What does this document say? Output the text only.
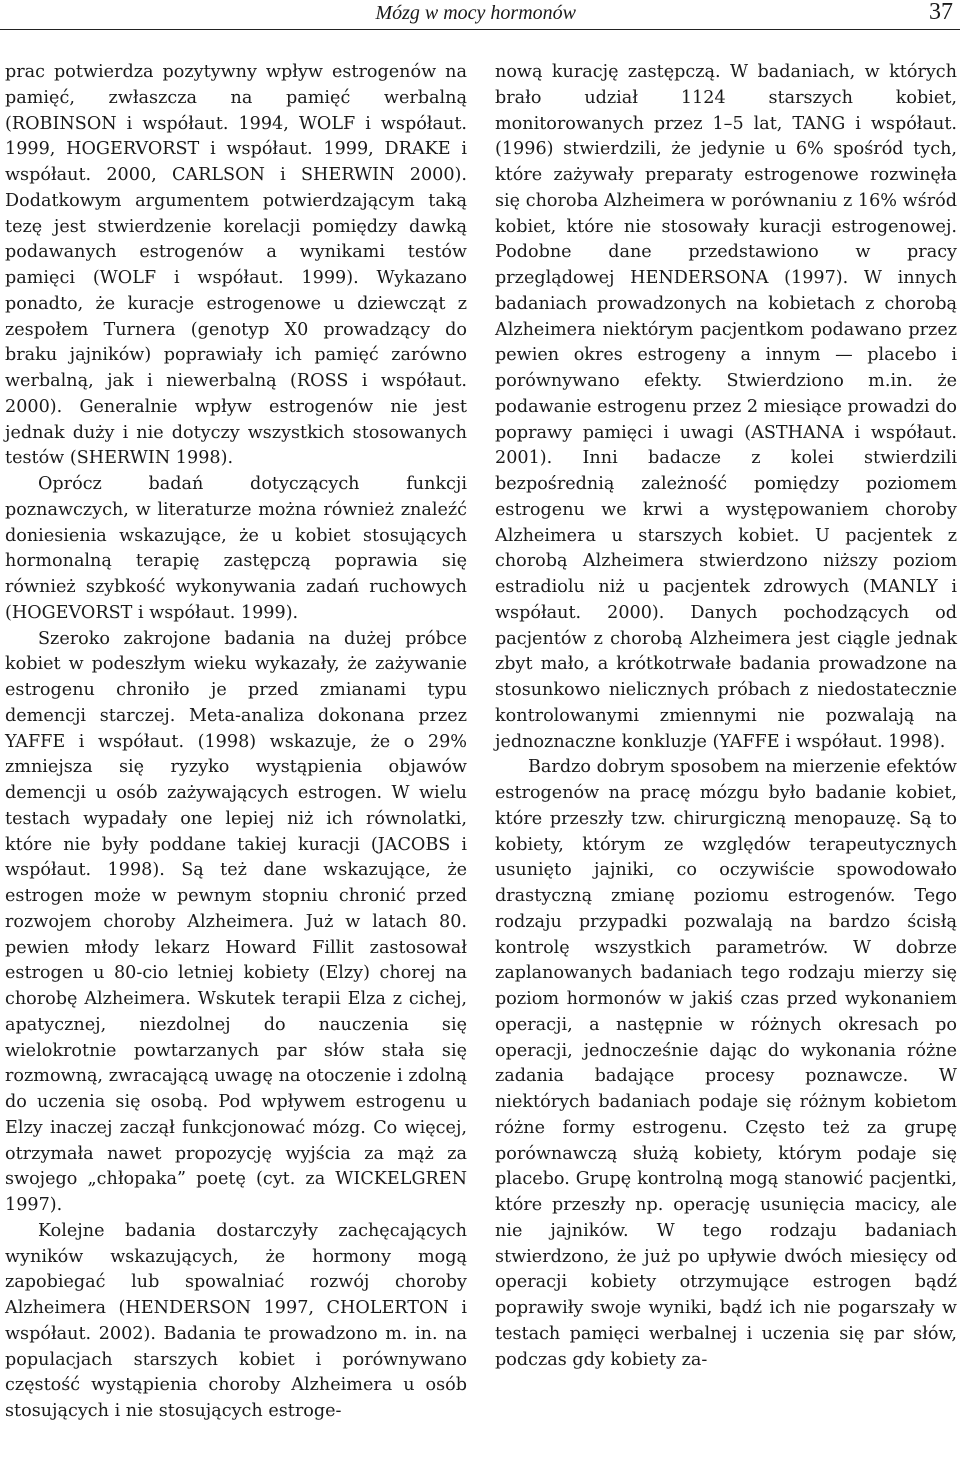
Mózg w mocy hormonów	37

prac potwierdza pozytywny wpływ estrogenów na pamięć, zwłaszcza na pamięć werbalną (ROBINSON i współaut. 1994, WOLF i współaut. 1999, HOGERVORST i współaut. 1999, DRAKE i współaut. 2000, CARLSON i SHERWIN 2000). Dodatkowym argumentem potwierdzającym taką tezę jest stwierdzenie korelacji pomiędzy dawką podawanych estrogenów a wynikami testów pamięci (WOLF i współaut. 1999). Wykazano ponadto, że kuracje estrogenowe u dziewcząt z zespołem Turnera (genotyp X0 prowadzący do braku jajników) poprawiały ich pamięć zarówno werbalną, jak i niewerbalną (ROSS i współaut. 2000). Generalnie wpływ estrogenów nie jest jednak duży i nie dotyczy wszystkich stosowanych testów (SHERWIN 1998).

Oprócz badań dotyczących funkcji poznawczych, w literaturze można również znaleźć doniesienia wskazujące, że u kobiet stosujących hormonalną terapię zastępczą poprawia się również szybkość wykonywania zadań ruchowych (HOGEVORST i współaut. 1999).

Szeroko zakrojone badania na dużej próbce kobiet w podeszłym wieku wykazały, że zażywanie estrogenu chroniło je przed zmianami typu demencji starczej. Meta-analiza dokonana przez YAFFE i współaut. (1998) wskazuje, że o 29% zmniejsza się ryzyko wystąpienia objawów demencji u osób zażywających estrogen. W wielu testach wypadały one lepiej niż ich równolatki, które nie były poddane takiej kuracji (JACOBS i współaut. 1998). Są też dane wskazujące, że estrogen może w pewnym stopniu chronić przed rozwojem choroby Alzheimera. Już w latach 80. pewien młody lekarz Howard Fillit zastosował estrogen u 80-cio letniej kobiety (Elzy) chorej na chorobę Alzheimera. Wskutek terapii Elza z cichej, apatycznej, niezdolnej do nauczenia się wielokrotnie powtarzanych par słów stała się rozmowną, zwracającą uwagę na otoczenie i zdolną do uczenia się osobą. Pod wpływem estrogenu u Elzy inaczej zaczął funkcjonować mózg. Co więcej, otrzymała nawet propozycję wyjścia za mąż za swojego „chłopaka” poetę (cyt. za WICKELGREN 1997).

Kolejne badania dostarczyły zachęcających wyników wskazujących, że hormony mogą zapobiegać lub spowalniać rozwój choroby Alzheimera (HENDERSON 1997, CHOLERTON i współaut. 2002). Badania te prowadzono m. in. na populacjach starszych kobiet i porównywano częstość wystąpienia choroby Alzheimera u osób stosujących i nie stosujących estroge-

nową kurację zastępczą. W badaniach, w których brało udział 1124 starszych kobiet, monitorowanych przez 1–5 lat, TANG i współaut. (1996) stwierdzili, że jedynie u 6% spośród tych, które zażywały preparaty estrogenowe rozwinęła się choroba Alzheimera w porównaniu z 16% wśród kobiet, które nie stosowały kuracji estrogenowej. Podobne dane przedstawiono w pracy przeglądowej HENDERSONA (1997). W innych badaniach prowadzonych na kobietach z chorobą Alzheimera niektórym pacjentkom podawano przez pewien okres estrogeny a innym — placebo i porównywano efekty. Stwierdziono m.in. że podawanie estrogenu przez 2 miesiące prowadzi do poprawy pamięci i uwagi (ASTHANA i współaut. 2001). Inni badacze z kolei stwierdzili bezpośrednią zależność pomiędzy poziomem estrogenu we krwi a występowaniem choroby Alzheimera u starszych kobiet. U pacjentek z chorobą Alzheimera stwierdzono niższy poziom estradiolu niż u pacjentek zdrowych (MANLY i współaut. 2000). Danych pochodzących od pacjentów z chorobą Alzheimera jest ciągle jednak zbyt mało, a krótkotrwałe badania prowadzone na stosunkowo nielicznych próbach z niedostatecznie kontrolowanymi zmiennymi nie pozwalają na jednoznaczne konkluzje (YAFFE i współaut. 1998).

Bardzo dobrym sposobem na mierzenie efektów estrogenów na pracę mózgu było badanie kobiet, które przeszły tzw. chirurgiczną menopauzę. Są to kobiety, którym ze względów terapeutycznych usunięto jajniki, co oczywiście spowodowało drastyczną zmianę poziomu estrogenów. Tego rodzaju przypadki pozwalają na bardzo ścisłą kontrolę wszystkich parametrów. W dobrze zaplanowanych badaniach tego rodzaju mierzy się poziom hormonów w jakiś czas przed wykonaniem operacji, a następnie w różnych okresach po operacji, jednocześnie dając do wykonania różne zadania badające procesy poznawcze. W niektórych badaniach podaje się różnym kobietom różne formy estrogenu. Często też za grupę porównawczą służą kobiety, którym podaje się placebo. Grupę kontrolną mogą stanowić pacjentki, które przeszły np. operację usunięcia macicy, ale nie jajników. W tego rodzaju badaniach stwierdzono, że już po upływie dwóch miesięcy od operacji kobiety otrzymujące estrogen bądź poprawiły swoje wyniki, bądź ich nie pogarszały w testach pamięci werbalnej i uczenia się par słów, podczas gdy kobiety za-
